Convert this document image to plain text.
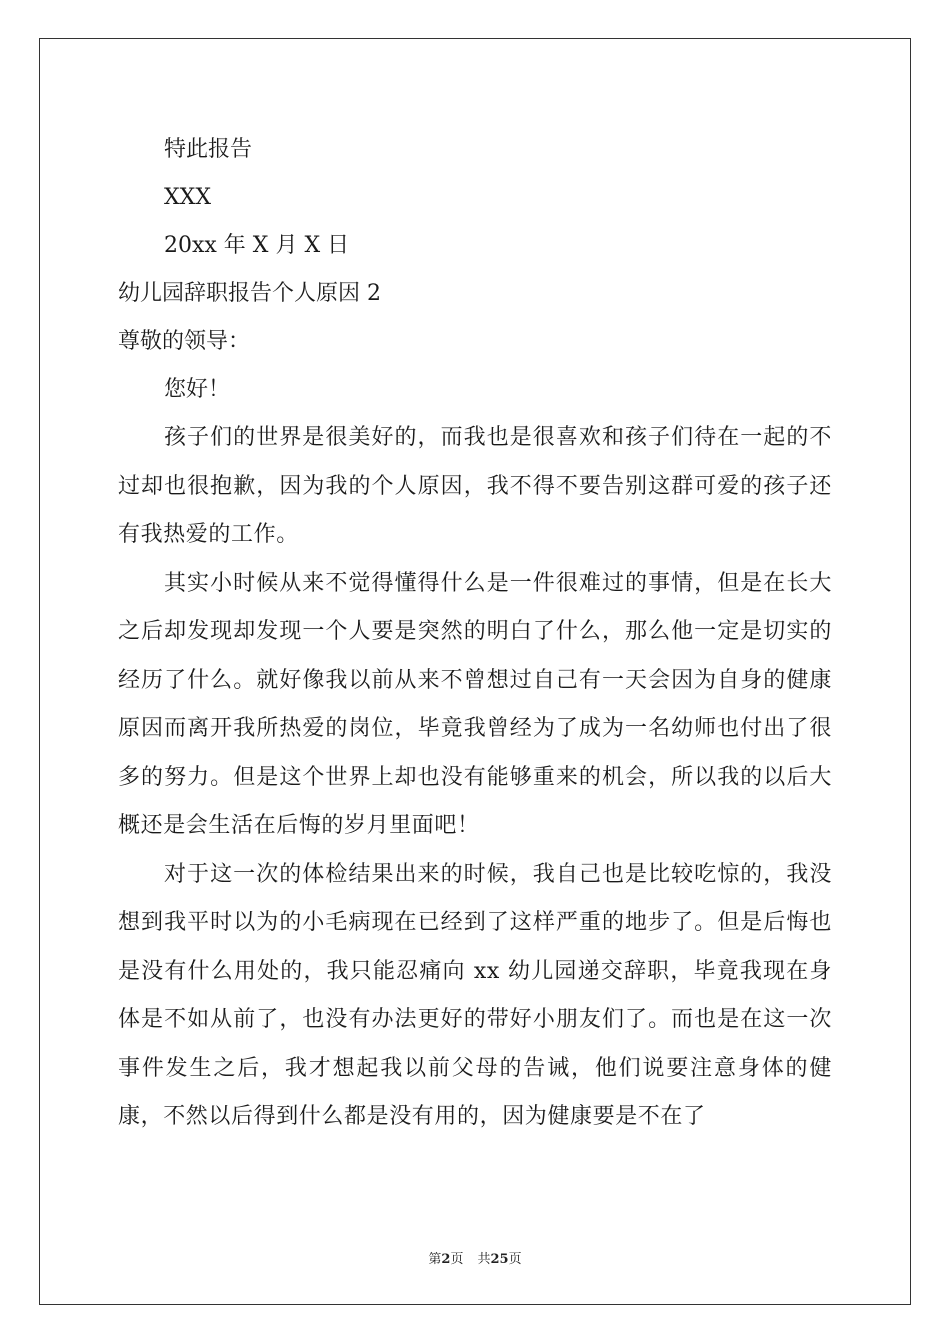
特此报告
XXX
20xx 年 X 月 X 日
幼儿园辞职报告个人原因 2
尊敬的领导：
您好！

孩子们的世界是很美好的，而我也是很喜欢和孩子们待在一起的不过却也很抱歉，因为我的个人原因，我不得不要告别这群可爱的孩子还有我热爱的工作。

其实小时候从来不觉得懂得什么是一件很难过的事情，但是在长大之后却发现却发现一个人要是突然的明白了什么，那么他一定是切实的经历了什么。就好像我以前从来不曾想过自己有一天会因为自身的健康原因而离开我所热爱的岗位，毕竟我曾经为了成为一名幼师也付出了很多的努力。但是这个世界上却也没有能够重来的机会，所以我的以后大概还是会生活在后悔的岁月里面吧！

对于这一次的体检结果出来的时候，我自己也是比较吃惊的，我没想到我平时以为的小毛病现在已经到了这样严重的地步了。但是后悔也是没有什么用处的，我只能忍痛向 xx 幼儿园递交辞职，毕竟我现在身体是不如从前了，也没有办法更好的带好小朋友们了。而也是在这一次事件发生之后，我才想起我以前父母的告诫，他们说要注意身体的健康，不然以后得到什么都是没有用的，因为健康要是不在了

第2页 共25页
